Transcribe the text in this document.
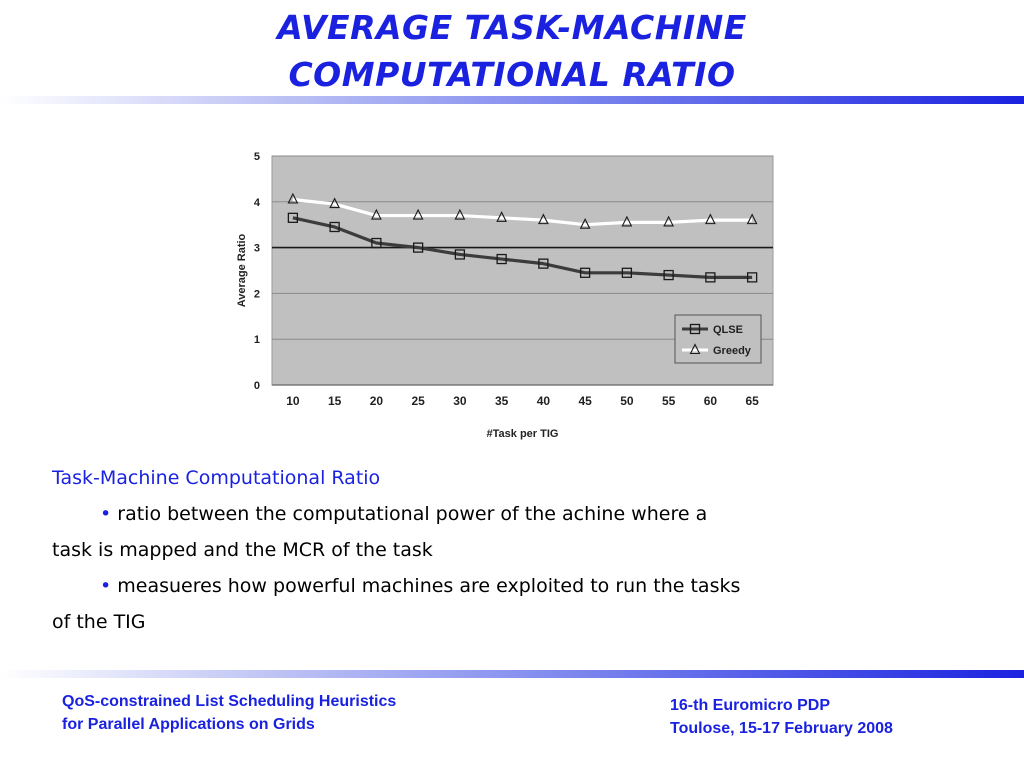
AVERAGE TASK-MACHINE
COMPUTATIONAL RATIO
0
1
2
3
4
5
10 15 20 25 30 35 40 45 50 55 60 65
#Task per TIG
Average Ratio
QLSE
Greedy
Task-Machine Computational Ratio
• ratio between the computational power of the achine where a
task is mapped and the MCR of the task
• measueres how powerful machines are exploited to run the tasks
of the TIG
QoS-constrained List Scheduling Heuristics
for Parallel Applications on Grids
16-th Euromicro PDP
Toulose, 15-17 February 2008
